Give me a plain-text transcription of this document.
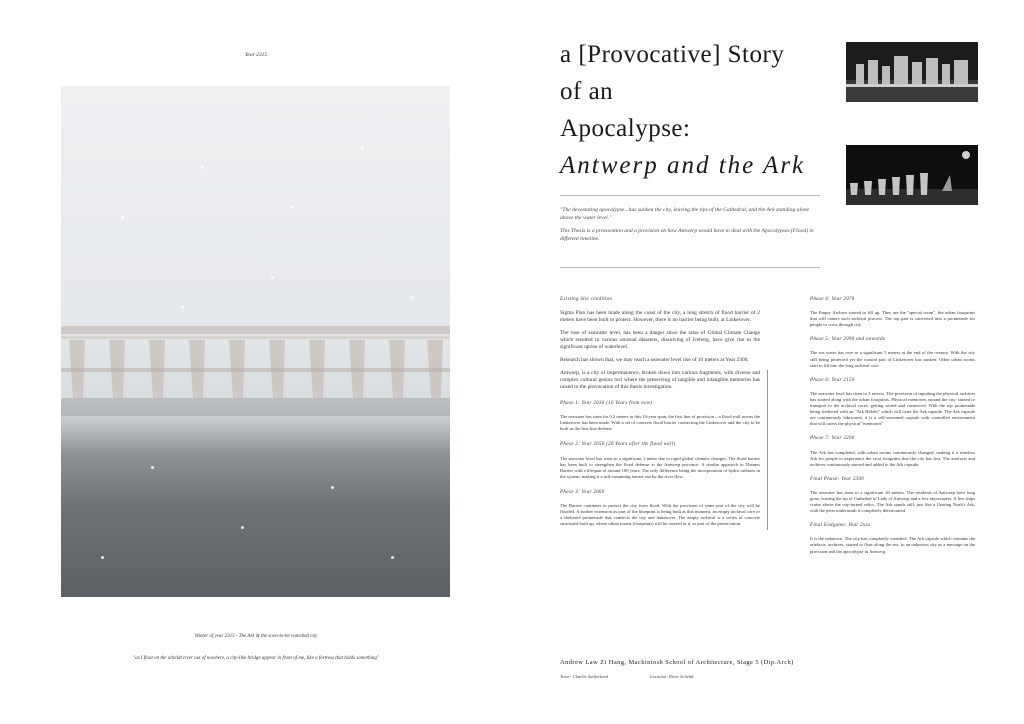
Year 2315
Winter of year 2315 - The Ark & the soon-to-be vanished city
"as I float on the scheldt river out of nowhere, a city-like bridge appear in front of me, like a fortress that holds something"
a [Provocative] Story
of an
Apocalypse:
Antwerp and the Ark
"The devastating apocalypse...has sunken the city, leaving the tips of the Cathedral, and the Ark standing alone above the water level."
This Thesis is a provocation and a provision on how Antwerp would have to deal with the Apocalypses (Flood) in different timeline.
Existing Site condition

Sigma Plan has been made along the coast of the city, a long stretch of flood barrier of 2 meters have been built to protect. However, there is no barrier being built, at Linkerover.

The rose of seawater level, has been a danger since the raise of Global Climate Change which resulted in various unusual disasters, dissolving of Iceberg, have give rise to the significant uprise of waterlevel.

Research has shown that, we may reach a seawater level rise of 10 meters at Year 2300.

Antwerp, is a city of impermanence, broken down into various fragments, with diverse and complex cultural genius loci where the preserving of tangible and intangible memories has raised to the provocation of this thesis investigation.

Phase 1: Year 2030 (10 Years from now)

The seawater has risen for 0.2 meters in this 10-year span, the first line of provision – a flood wall across the Linkerover has been made. With a set of concrete flood barrier connecting the Linkerover and the city to be built as the first line defense.

Phase 2: Year 2050 (20 Years after the flood wall)

The seawater level has risen to a significant 1 meter due to rapid global climatic changes. The flood barrier has been built to strengthen the flood defense at the Antwerp province. A similar approach to Thames Barrier with a lifespan of around 100 years. The only difference being the incorporation of hydro turbines in the system, making it a self-sustaining barrier ran by the river flow.

Phase 3: Year 2060

The Barrier continues to protect the city from flood. With the provision of some part of the city will be flooded. A further extension as part of the blueprint is being built at this moment, an empty archival core or a sheltered promenade that connects the city and linkerover. The empty archival is a series of concrete structured built up, where urban rooms (footprints) will be catered in it, as part of the preservation.

Phase 4: Year 2070

The Empty Archive started to fill up. They are the "special room", the urban footprints that will catters such archival process. The top part is converted into a promenade for people to cross through city.

Phase 5: Year 2090 and onwards

The sea water has rose to a significant 5 meters at the end of the century. With the city still being protected yet the coastal part of Linkerover has sunken. Other urban rooms start to fill into the long archival core.

Phase 6: Year 2150

The seawater level has risen to 5 meters. The provision of inputting the physical archives has started along with the urban footprints. Physical memories around the city, started to transport to the archival cores, getting sorted and conserved. With the top promenade being sheltered with an "Ark Holder" which will cater the Ark capsule. The Ark capsule are continuously fabricated, it is a self-sustained capsule with controlled environment that will caters the physical "memories"

Phase 7: Year 2200

The Ark has completed, with urban rooms continuously changed, making it a timeless Ark for people to experience the vital footprints that the city has lost. The artefacts and archives continuously moved and added to the Ark capsule.

Final Phase: Year 2300

The seawater has risen to a significant 20 meters. The residents of Antwerp have long gone, leaving the tip of Cathedral of Lady of Antwerp and a few skyscrapers. A few ships cruise above the city-turned relics. The Ark stands still, just like a floating Noah's Ark, with the piers underneath it completely deteriorated.

Final Endgame: Year 2xxx

It is the unknown. The city has completely vanished. The Ark capsule which contains the artefacts, archives, started to float along the sea, to an unknown city as a message on the provision and the apocalypse in Antwerp.

Andrew Law Zi Hang, Mackintosh School of Architecture, Stage 5 (Dip.Arch)
Tutor: Charlie Sutherland	Location: River Scheldt
